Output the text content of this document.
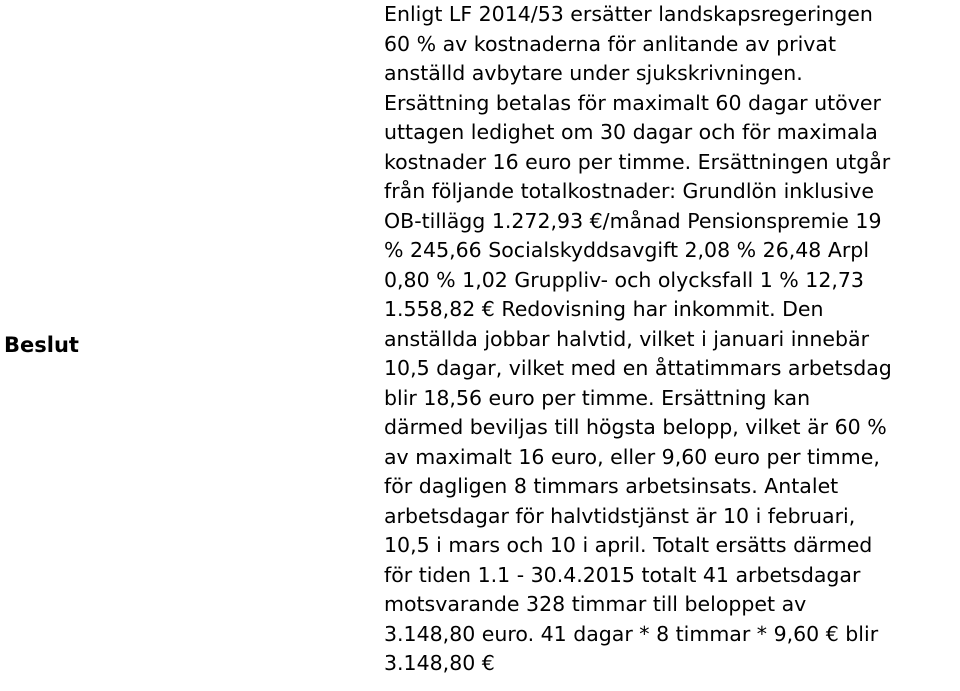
Beslut

Enligt LF 2014/53 ersätter landskapsregeringen
60 % av kostnaderna för anlitande av privat
anställd avbytare under sjukskrivningen.
Ersättning betalas för maximalt 60 dagar utöver
uttagen ledighet om 30 dagar och för maximala
kostnader 16 euro per timme. Ersättningen utgår
från följande totalkostnader: Grundlön inklusive
OB-tillägg 1.272,93 €/månad Pensionspremie 19
% 245,66 Socialskyddsavgift 2,08 % 26,48 Arpl
0,80 % 1,02 Gruppliv- och olycksfall 1 % 12,73
1.558,82 € Redovisning har inkommit. Den
anställda jobbar halvtid, vilket i januari innebär
10,5 dagar, vilket med en åttatimmars arbetsdag
blir 18,56 euro per timme. Ersättning kan
därmed beviljas till högsta belopp, vilket är 60 %
av maximalt 16 euro, eller 9,60 euro per timme,
för dagligen 8 timmars arbetsinsats. Antalet
arbetsdagar för halvtidstjänst är 10 i februari,
10,5 i mars och 10 i april. Totalt ersätts därmed
för tiden 1.1 - 30.4.2015 totalt 41 arbetsdagar
motsvarande 328 timmar till beloppet av
3.148,80 euro. 41 dagar * 8 timmar * 9,60 € blir
3.148,80 €
